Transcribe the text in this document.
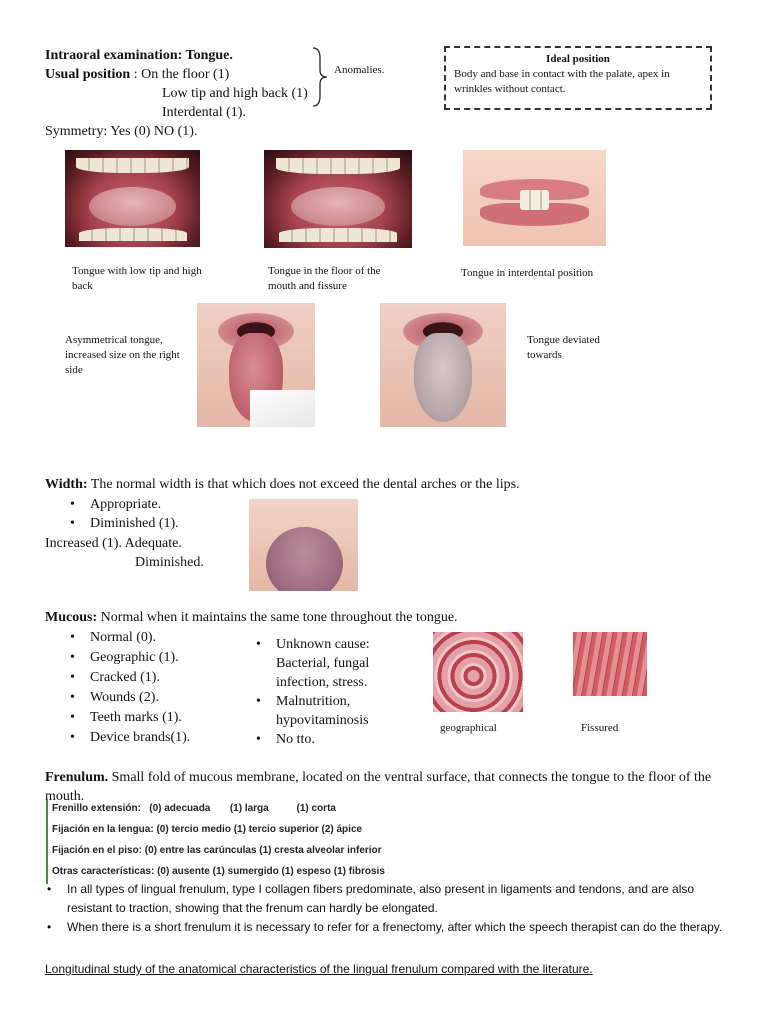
Intraoral examination: Tongue.
Usual position : On the floor (1)
Low tip and high back (1)
Interdental (1).
Symmetry: Yes (0) NO (1).
Anomalies.
Ideal position
Body and base in contact with the palate, apex in wrinkles without contact.
Tongue with low tip and high back
Tongue in the floor of the mouth and fissure
Tongue in interdental position
Asymmetrical tongue, increased size on the right side
Tongue deviated towards
Width: The normal width is that which does not exceed the dental arches or the lips.
• Appropriate.
• Diminished (1).
Increased (1). Adequate.
Diminished.
Mucous: Normal when it maintains the same tone throughout the tongue.
• Normal (0).
• Geographic (1).
• Cracked (1).
• Wounds (2).
• Teeth marks (1).
• Device brands(1).
• Unknown cause: Bacterial, fungal infection, stress.
• Malnutrition, hypovitaminosis
• No tto.
geographical	Fissured
Frenulum. Small fold of mucous membrane, located on the ventral surface, that connects the tongue to the floor of the mouth.
Frenillo extensión:   (0) adecuada       (1) larga          (1) corta
Fijación en la lengua: (0) tercio medio (1) tercio superior (2) ápice
Fijación en el piso: (0) entre las carúnculas (1) cresta alveolar inferior
Otras características: (0) ausente (1) sumergido (1) espeso (1) fibrosis
• In all types of lingual frenulum, type I collagen fibers predominate, also present in ligaments and tendons, and are also resistant to traction, showing that the frenum can hardly be elongated.
• When there is a short frenulum it is necessary to refer for a frenectomy, after which the speech therapist can do the therapy.
Longitudinal study of the anatomical characteristics of the lingual frenulum compared with the literature.
